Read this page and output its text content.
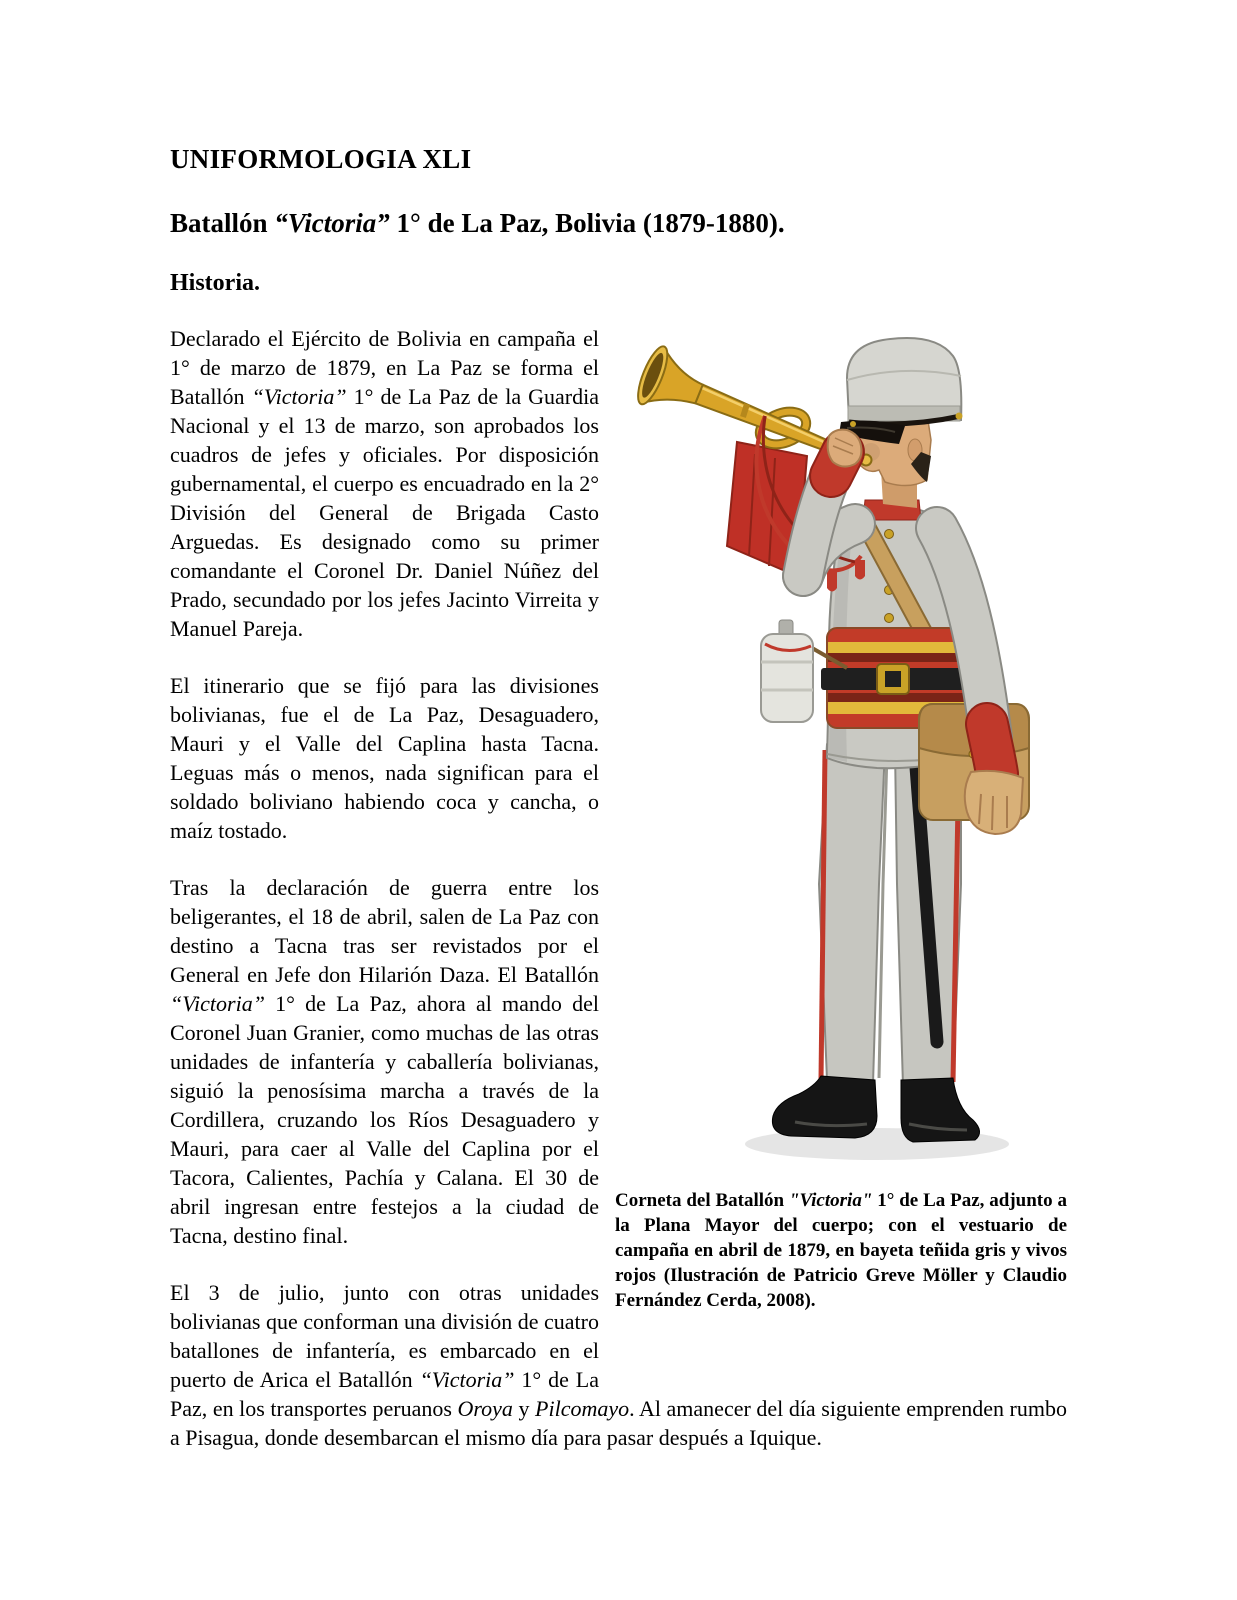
UNIFORMOLOGIA XLI
Batallón “Victoria” 1° de La Paz, Bolivia (1879-1880).
Historia.
Corneta del Batallón "Victoria" 1° de La Paz, adjunto a la Plana Mayor del cuerpo; con el vestuario de campaña en abril de 1879, en bayeta teñida gris y vivos rojos (Ilustración de Patricio Greve Möller y Claudio Fernández Cerda, 2008).

Declarado el Ejército de Bolivia en campaña el 1° de marzo de 1879, en La Paz se forma el Batallón “Victoria” 1° de La Paz de la Guardia Nacional y el 13 de marzo, son aprobados los cuadros de jefes y oficiales. Por disposición gubernamental, el cuerpo es encuadrado en la 2° División del General de Brigada Casto Arguedas. Es designado como su primer comandante el Coronel Dr. Daniel Núñez del Prado, secundado por los jefes Jacinto Virreita y Manuel Pareja.

El itinerario que se fijó para las divisiones bolivianas, fue el de La Paz, Desaguadero, Mauri y el Valle del Caplina hasta Tacna. Leguas más o menos, nada significan para el soldado boliviano habiendo coca y cancha, o maíz tostado.

Tras la declaración de guerra entre los beligerantes, el 18 de abril, salen de La Paz con destino a Tacna tras ser revistados por el General en Jefe don Hilarión Daza. El Batallón “Victoria” 1° de La Paz, ahora al mando del Coronel Juan Granier, como muchas de las otras unidades de infantería y caballería bolivianas, siguió la penosísima marcha a través de la Cordillera, cruzando los Ríos Desaguadero y Mauri, para caer al Valle del Caplina por el Tacora, Calientes, Pachía y Calana. El 30 de abril ingresan entre festejos a la ciudad de Tacna, destino final.

El 3 de julio, junto con otras unidades bolivianas que conforman una división de cuatro batallones de infantería, es embarcado en el puerto de Arica el Batallón “Victoria” 1° de La Paz, en los transportes peruanos Oroya y Pilcomayo. Al amanecer del día siguiente emprenden rumbo a Pisagua, donde desembarcan el mismo día para pasar después a Iquique.
